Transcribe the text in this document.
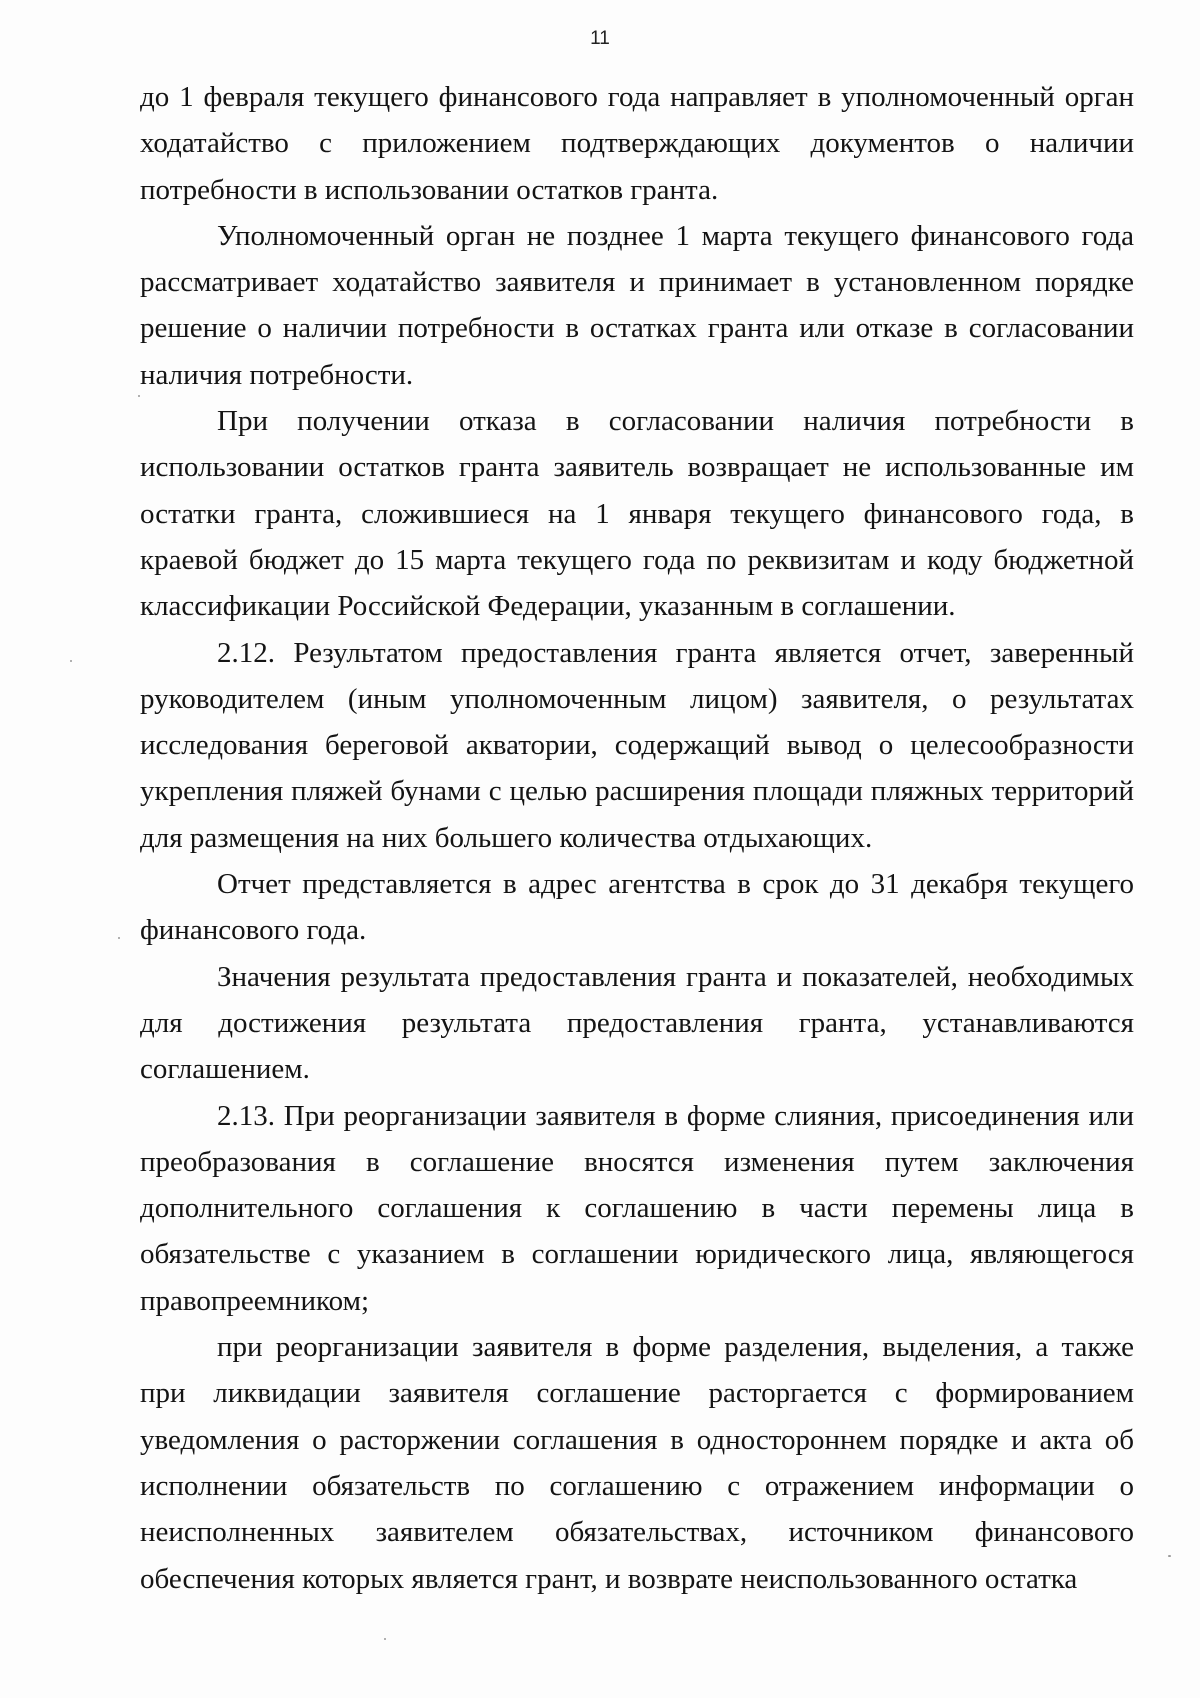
11

до 1 февраля текущего финансового года направляет в уполномоченный орган ходатайство с приложением подтверждающих документов о наличии потребности в использовании остатков гранта.

Уполномоченный орган не позднее 1 марта текущего финансового года рассматривает ходатайство заявителя и принимает в установленном порядке решение о наличии потребности в остатках гранта или отказе в согласовании наличия потребности.

При получении отказа в согласовании наличия потребности в использовании остатков гранта заявитель возвращает не использованные им остатки гранта, сложившиеся на 1 января текущего финансового года, в краевой бюджет до 15 марта текущего года по реквизитам и коду бюджетной классификации Российской Федерации, указанным в соглашении.

2.12. Результатом предоставления гранта является отчет, заверенный руководителем (иным уполномоченным лицом) заявителя, о результатах исследования береговой акватории, содержащий вывод о целесообразности укрепления пляжей бунами с целью расширения площади пляжных территорий для размещения на них большего количества отдыхающих.

Отчет представляется в адрес агентства в срок до 31 декабря текущего финансового года.

Значения результата предоставления гранта и показателей, необходимых для достижения результата предоставления гранта, устанавливаются соглашением.

2.13. При реорганизации заявителя в форме слияния, присоединения или преобразования в соглашение вносятся изменения путем заключения дополнительного соглашения к соглашению в части перемены лица в обязательстве с указанием в соглашении юридического лица, являющегося правопреемником;

при реорганизации заявителя в форме разделения, выделения, а также при ликвидации заявителя соглашение расторгается с формированием уведомления о расторжении соглашения в одностороннем порядке и акта об исполнении обязательств по соглашению с отражением информации о неисполненных заявителем обязательствах, источником финансового обеспечения которых является грант, и возврате неиспользованного остатка
